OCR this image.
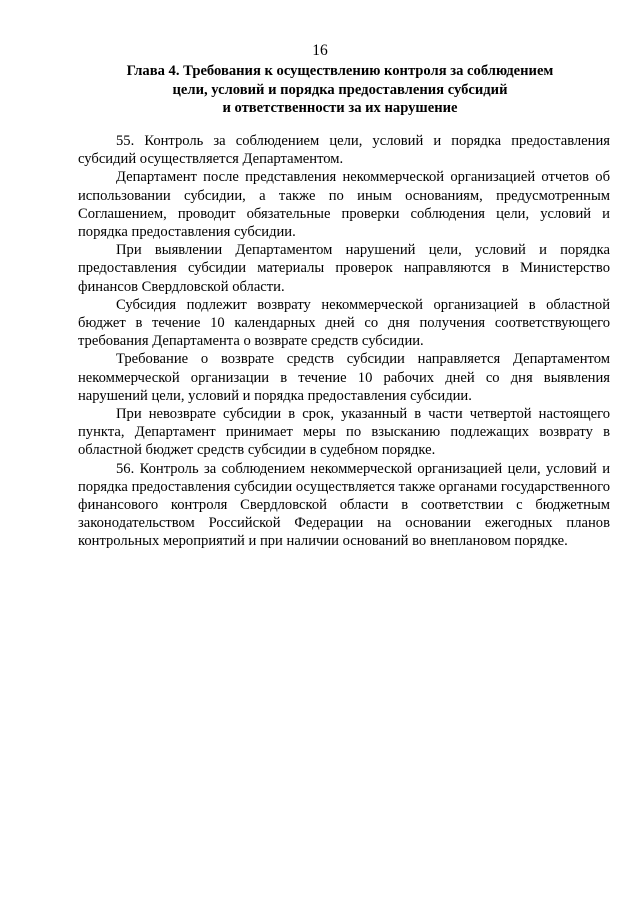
16
Глава 4. Требования к осуществлению контроля за соблюдением
цели, условий и порядка предоставления субсидий
и ответственности за их нарушение

55. Контроль за соблюдением цели, условий и порядка предоставления субсидий осуществляется Департаментом.

Департамент после представления некоммерческой организацией отчетов об использовании субсидии, а также по иным основаниям, предусмотренным Соглашением, проводит обязательные проверки соблюдения цели, условий и порядка предоставления субсидии.

При выявлении Департаментом нарушений цели, условий и порядка предоставления субсидии материалы проверок направляются в Министерство финансов Свердловской области.

Субсидия подлежит возврату некоммерческой организацией в областной бюджет в течение 10 календарных дней со дня получения соответствующего требования Департамента о возврате средств субсидии.

Требование о возврате средств субсидии направляется Департаментом некоммерческой организации в течение 10 рабочих дней со дня выявления нарушений цели, условий и порядка предоставления субсидии.

При невозврате субсидии в срок, указанный в части четвертой настоящего пункта, Департамент принимает меры по взысканию подлежащих возврату в областной бюджет средств субсидии в судебном порядке.

56. Контроль за соблюдением некоммерческой организацией цели, условий и порядка предоставления субсидии осуществляется также органами государственного финансового контроля Свердловской области в соответствии с бюджетным законодательством Российской Федерации на основании ежегодных планов контрольных мероприятий и при наличии оснований во внеплановом порядке.
